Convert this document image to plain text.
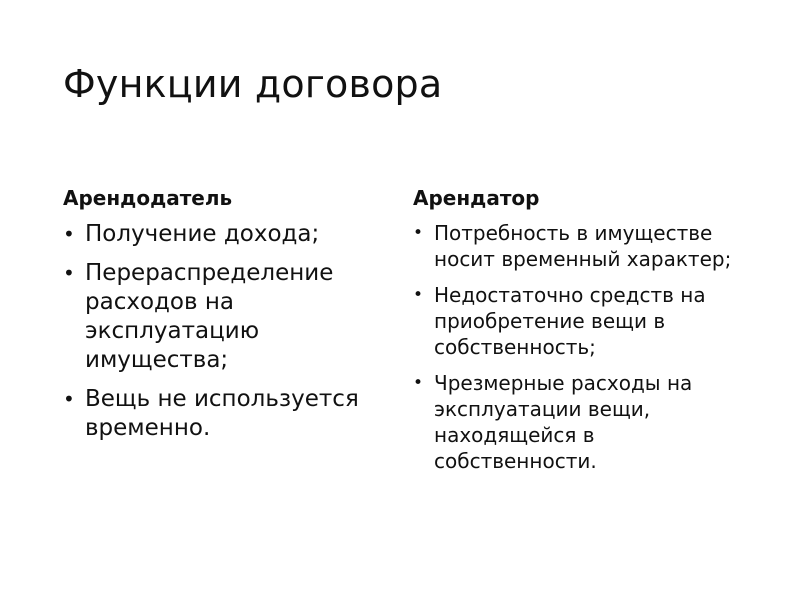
Функции договора
Арендодатель
• Получение дохода;
• Перераспределение расходов на эксплуатацию имущества;
• Вещь не используется временно.
Арендатор
• Потребность в имуществе носит временный характер;
• Недостаточно средств на приобретение вещи в собственность;
• Чрезмерные расходы на эксплуатации вещи, находящейся в собственности.
